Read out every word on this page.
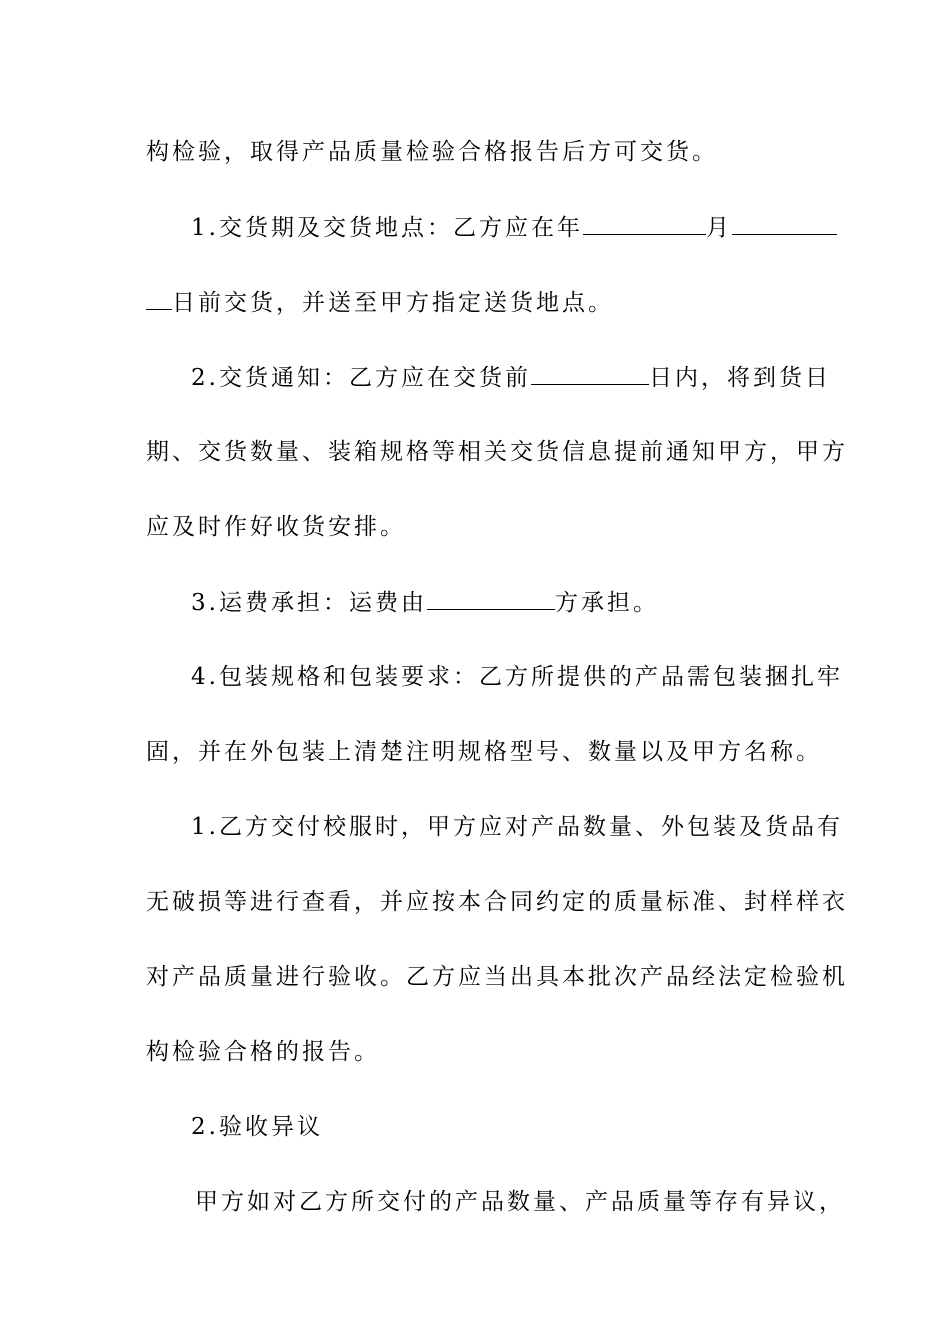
构检验，取得产品质量检验合格报告后方可交货。
1.交货期及交货地点：乙方应在年	月
日前交货，并送至甲方指定送货地点。
2.交货通知：乙方应在交货前	日内，将到货日
期、交货数量、装箱规格等相关交货信息提前通知甲方，甲方
应及时作好收货安排。
3.运费承担：运费由	方承担。
4.包装规格和包装要求：乙方所提供的产品需包装捆扎牢
固，并在外包装上清楚注明规格型号、数量以及甲方名称。
1.乙方交付校服时，甲方应对产品数量、外包装及货品有
无破损等进行查看，并应按本合同约定的质量标准、封样样衣
对产品质量进行验收。乙方应当出具本批次产品经法定检验机
构检验合格的报告。
2.验收异议
甲方如对乙方所交付的产品数量、产品质量等存有异议，
